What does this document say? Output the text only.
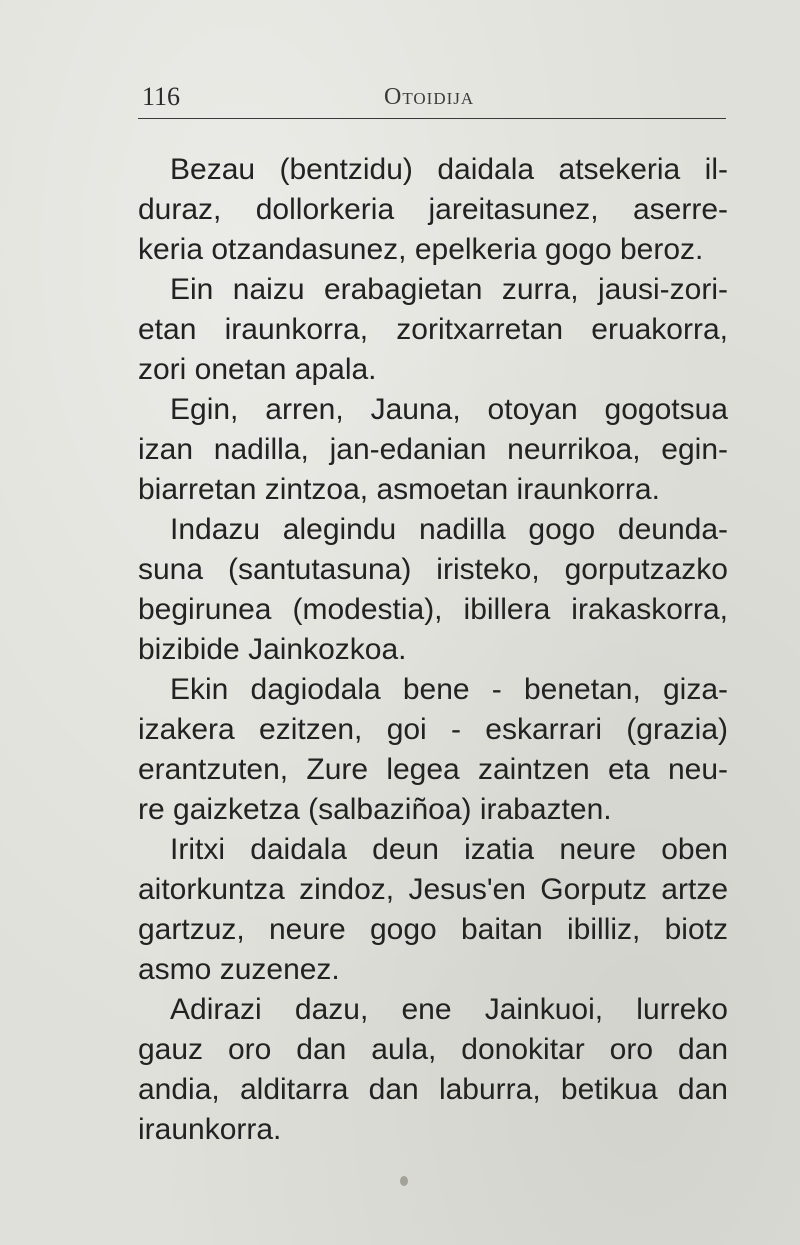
116	Otoidija
Bezau (bentzidu) daidala atsekeria il-
duraz, dollorkeria jareitasunez, aserre-
keria otzandasunez, epelkeria gogo beroz.
Ein naizu erabagietan zurra, jausi-zori-
etan iraunkorra, zoritxarretan eruakorra,
zori onetan apala.
Egin, arren, Jauna, otoyan gogotsua
izan nadilla, jan-edanian neurrikoa, egin-
biarretan zintzoa, asmoetan iraunkorra.
Indazu alegindu nadilla gogo deunda-
suna (santutasuna) iristeko, gorputzazko
begirunea (modestia), ibillera irakaskorra,
bizibide Jainkozkoa.
Ekin dagiodala bene - benetan, giza-
izakera ezitzen, goi - eskarrari (grazia)
erantzuten, Zure legea zaintzen eta neu-
re gaizketza (salbaziñoa) irabazten.
Iritxi daidala deun izatia neure oben
aitorkuntza zindoz, Jesus'en Gorputz artze
gartzuz, neure gogo baitan ibilliz, biotz
asmo zuzenez.
Adirazi dazu, ene Jainkuoi, lurreko
gauz oro dan aula, donokitar oro dan
andia, alditarra dan laburra, betikua dan
iraunkorra.
